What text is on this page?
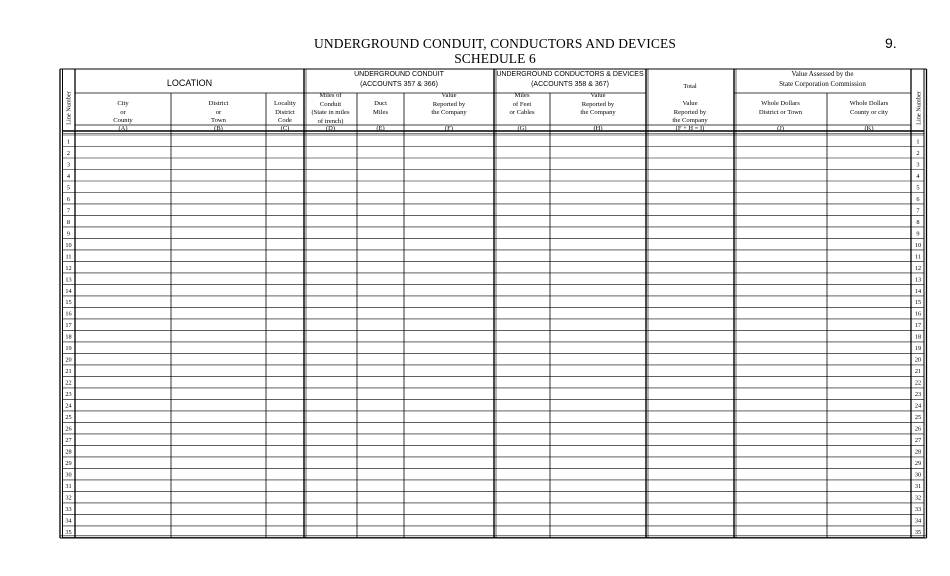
UNDERGROUND CONDUIT, CONDUCTORS AND DEVICES
SCHEDULE 6
9.
LOCATION
UNDERGROUND CONDUIT
(ACCOUNTS 357 & 366)
UNDERGROUND CONDUCTORS & DEVICES
(ACCOUNTS 358 & 367)
Value Assessed by the
State Corporation Commission
City
or
County
(A)
District
or
Town
(B)
Locality
District
Code
(C)
Miles of
Conduit
(State in miles
of trench)
(D)
Duct
Miles
(E)
Value
Reported by
the Company
(F)
Miles
of Feet
or Cables
(G)
Value
Reported by
the Company
(H)
Total

Value
Reported by
the Company
(F + H = I)
Whole Dollars
District or Town
(J)
Whole Dollars
County or city
(K)
Line Number	Line Number
1	1
2	2
3	3
4	4
5	5
6	6
7	7
8	8
9	9
10	10
11	11
12	12
13	13
14	14
15	15
16	16
17	17
18	18
19	19
20	20
21	21
22	22
23	23
24	24
25	25
26	26
27	27
28	28
29	29
30	30
31	31
32	32
33	33
34	34
35	35
